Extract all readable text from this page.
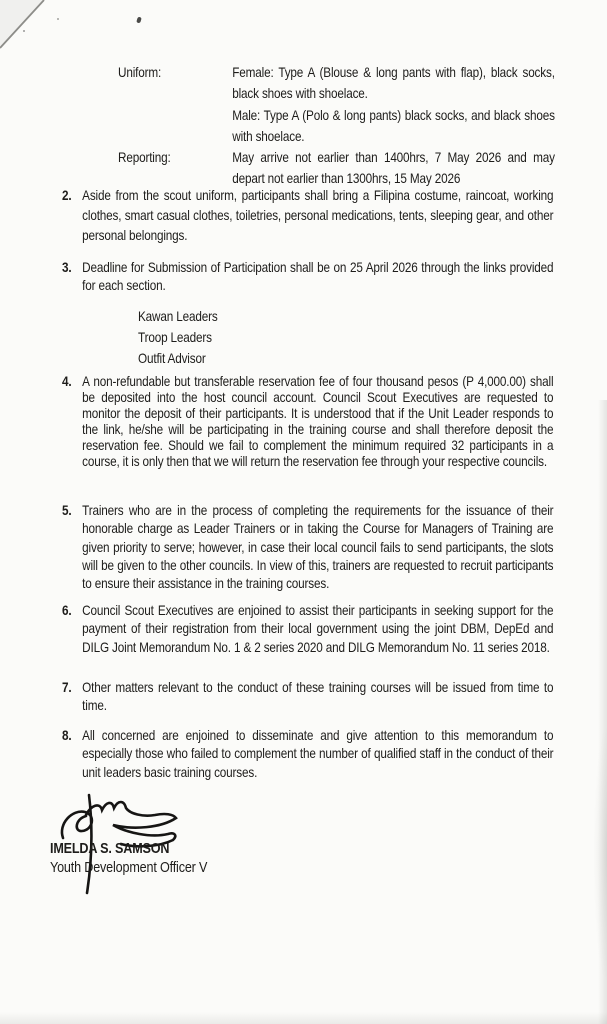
Uniform:	Female: Type A (Blouse & long pants with flap), black socks, black shoes with shoelace.

Male: Type A (Polo & long pants) black socks, and black shoes with shoelace.

Reporting:	May arrive not earlier than 1400hrs, 7 May 2026 and may depart not earlier than 1300hrs, 15 May 2026

2. Aside from the scout uniform, participants shall bring a Filipina costume, raincoat, working clothes, smart casual clothes, toiletries, personal medications, tents, sleeping gear, and other personal belongings.

3. Deadline for Submission of Participation shall be on 25 April 2026 through the links provided for each section.

Kawan Leaders
Troop Leaders
Outfit Advisor
4. A non-refundable but transferable reservation fee of four thousand pesos (P 4,000.00) shall be deposited into the host council account. Council Scout Executives are requested to monitor the deposit of their participants. It is understood that if the Unit Leader responds to the link, he/she will be participating in the training course and shall therefore deposit the reservation fee. Should we fail to complement the minimum required 32 participants in a course, it is only then that we will return the reservation fee through your respective councils.

5. Trainers who are in the process of completing the requirements for the issuance of their honorable charge as Leader Trainers or in taking the Course for Managers of Training are given priority to serve; however, in case their local council fails to send participants, the slots will be given to the other councils. In view of this, trainers are requested to recruit participants to ensure their assistance in the training courses.

6. Council Scout Executives are enjoined to assist their participants in seeking support for the payment of their registration from their local government using the joint DBM, DepEd and DILG Joint Memorandum No. 1 & 2 series 2020 and DILG Memorandum No. 11 series 2018.

7. Other matters relevant to the conduct of these training courses will be issued from time to time.

8. All concerned are enjoined to disseminate and give attention to this memorandum to especially those who failed to complement the number of qualified staff in the conduct of their unit leaders basic training courses.

IMELDA S. SAMSON
Youth Development Officer V
